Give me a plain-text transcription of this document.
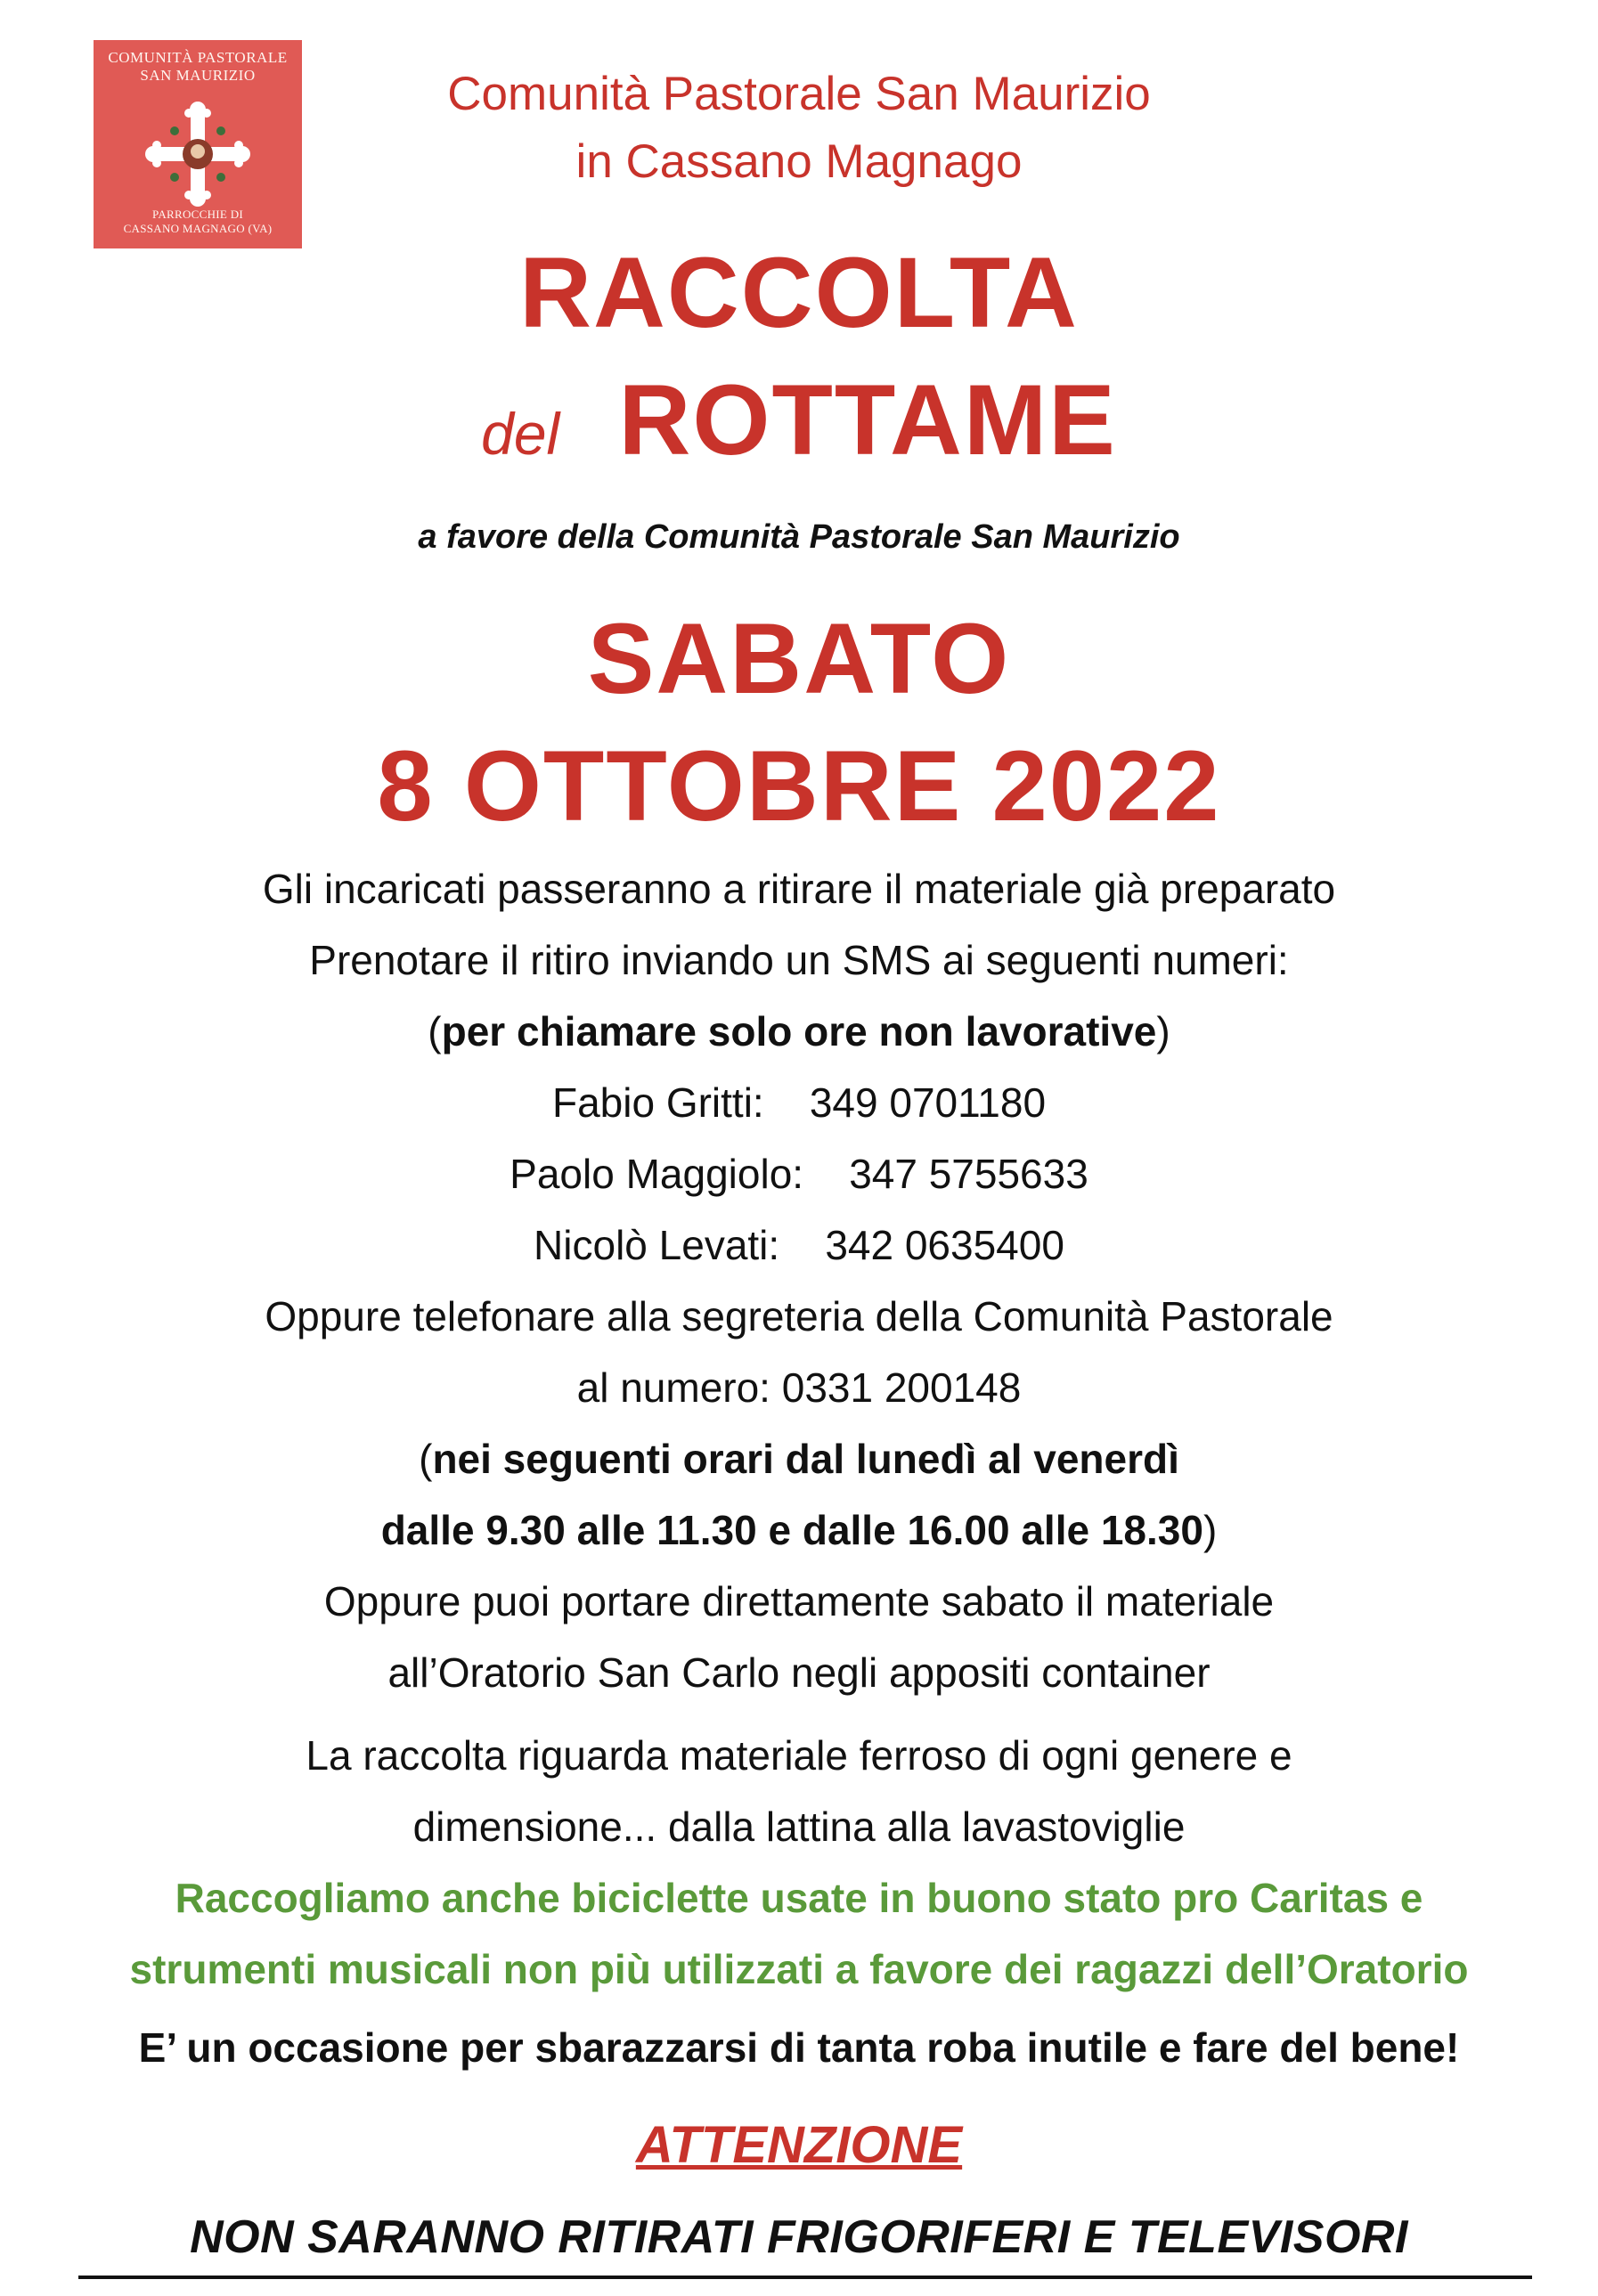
COMUNITÀ PASTORALE
SAN MAURIZIO
PARROCCHIE DI
CASSANO MAGNAGO (VA)
Comunità Pastorale San Maurizio
in Cassano Magnago
RACCOLTA
del ROTTAME
a favore della Comunità Pastorale San Maurizio
SABATO
8 OTTOBRE 2022
Gli incaricati passeranno a ritirare il materiale già preparato
Prenotare il ritiro inviando un SMS ai seguenti numeri:
(per chiamare solo ore non lavorative)
Fabio Gritti: 349 0701180
Paolo Maggiolo: 347 5755633
Nicolò Levati: 342 0635400
Oppure telefonare alla segreteria della Comunità Pastorale
al numero: 0331 200148
(nei seguenti orari dal lunedì al venerdì
dalle 9.30 alle 11.30 e dalle 16.00 alle 18.30)
Oppure puoi portare direttamente sabato il materiale
all’Oratorio San Carlo negli appositi container
La raccolta riguarda materiale ferroso di ogni genere e
dimensione... dalla lattina alla lavastoviglie
Raccogliamo anche biciclette usate in buono stato pro Caritas e
strumenti musicali non più utilizzati a favore dei ragazzi dell’Oratorio
E’ un occasione per sbarazzarsi di tanta roba inutile e fare del bene!
ATTENZIONE
NON SARANNO RITIRATI FRIGORIFERI E TELEVISORI
